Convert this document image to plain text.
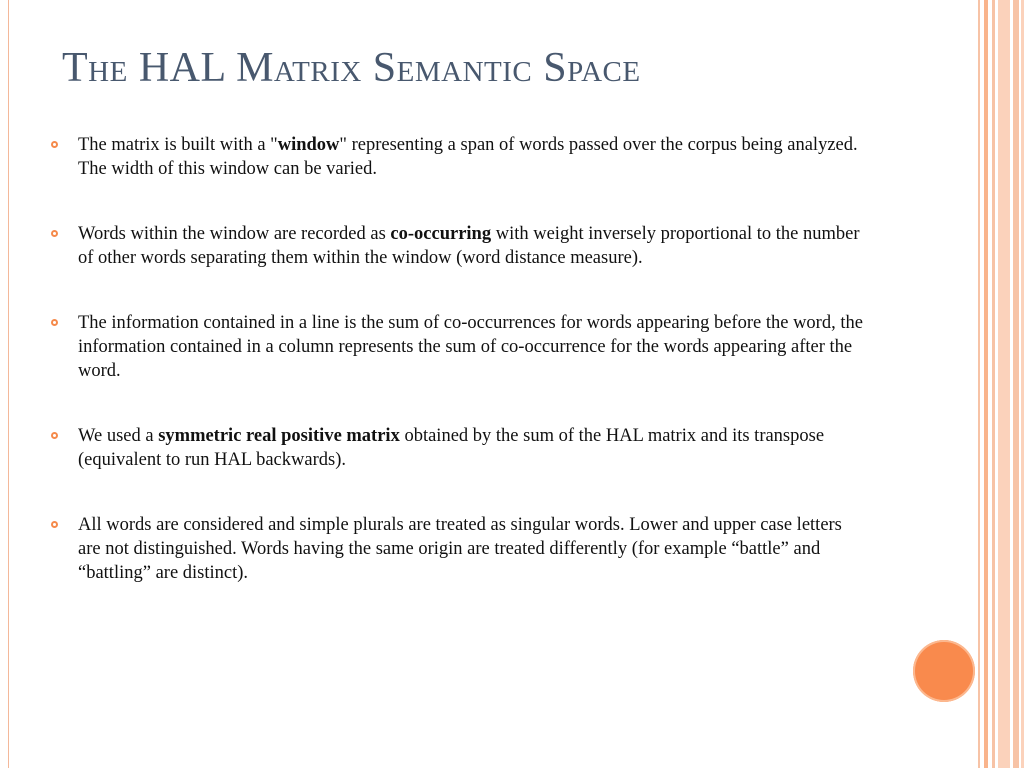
The HAL Matrix Semantic Space
The matrix is built with a "window" representing a span of words passed over the corpus being analyzed. The width of this window can be varied.
Words within the window are recorded as co-occurring with weight inversely proportional to the number of other words separating them within the window (word distance measure).
The information contained in a line is the sum of co-occurrences for words appearing before the word, the information contained in a column represents the sum of co-occurrence for the words appearing after the word.
We used a symmetric real positive matrix obtained by the sum of the HAL matrix and its transpose (equivalent to run HAL backwards).
All words are considered and simple plurals are treated as singular words. Lower and upper case letters are not distinguished. Words having the same origin are treated differently (for example “battle” and “battling” are distinct).
